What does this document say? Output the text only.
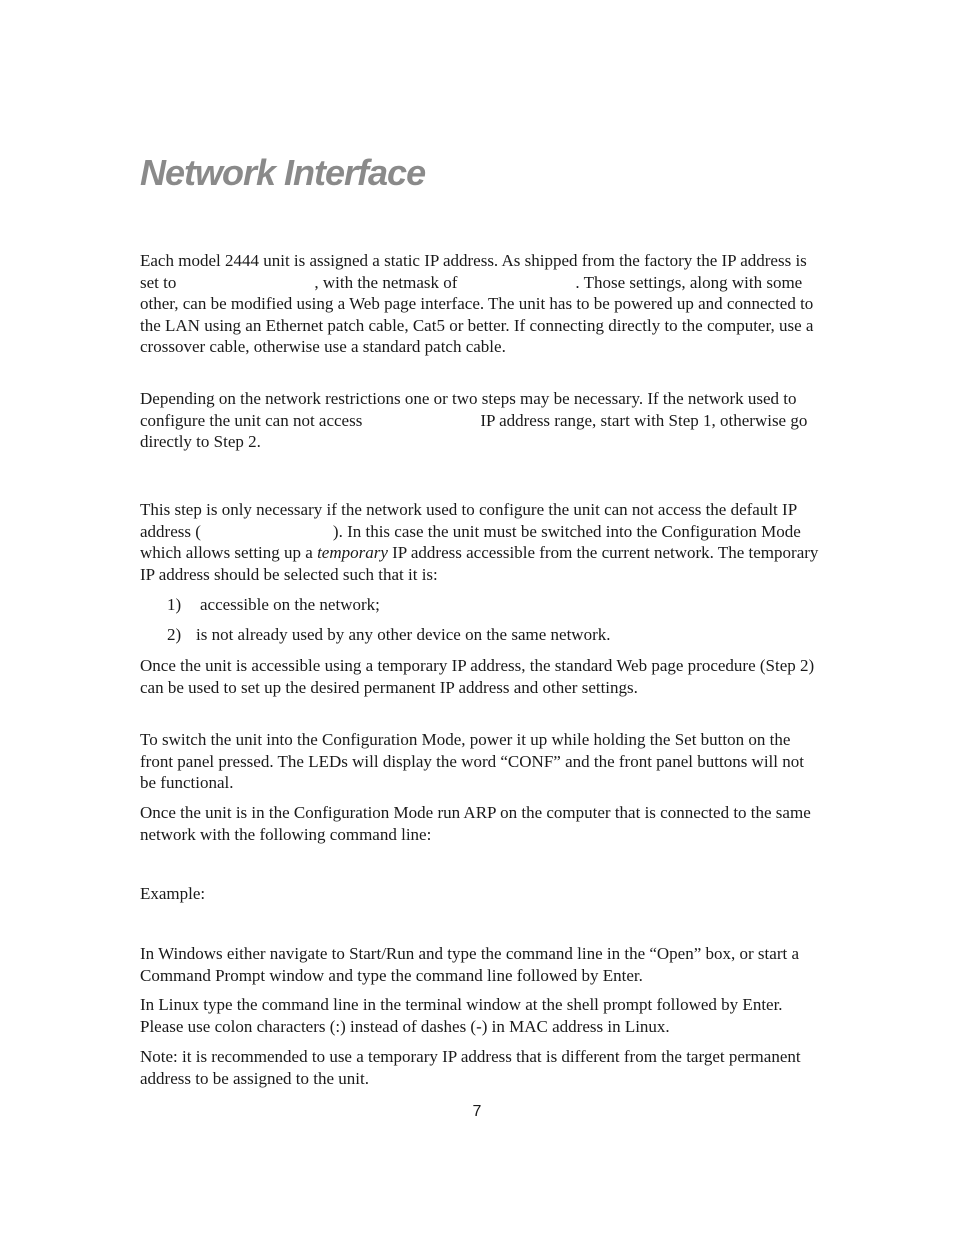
Network Interface

Each model 2444 unit is assigned a static IP address. As shipped from the factory the IP address is set to	, with the netmask of	. Those settings, along with some other, can be modified using a Web page interface. The unit has to be powered up and connected to the LAN using an Ethernet patch cable, Cat5 or better. If connecting directly to the computer, use a crossover cable, otherwise use a standard patch cable.

Depending on the network restrictions one or two steps may be necessary. If the network used to configure the unit can not access	IP address range, start with Step 1, otherwise go directly to Step 2.

This step is only necessary if the network used to configure the unit can not access the default IP address (	). In this case the unit must be switched into the Configuration Mode which allows setting up a temporary IP address accessible from the current network. The temporary IP address should be selected such that it is:

1) accessible on the network;
2) is not already used by any other device on the same network.

Once the unit is accessible using a temporary IP address, the standard Web page procedure (Step 2) can be used to set up the desired permanent IP address and other settings.

To switch the unit into the Configuration Mode, power it up while holding the Set button on the front panel pressed. The LEDs will display the word “CONF” and the front panel buttons will not be functional.

Once the unit is in the Configuration Mode run ARP on the computer that is connected to the same network with the following command line:

Example:

In Windows either navigate to Start/Run and type the command line in the “Open” box, or start a Command Prompt window and type the command line followed by Enter.

In Linux type the command line in the terminal window at the shell prompt followed by Enter. Please use colon characters (:) instead of dashes (-) in MAC address in Linux.

Note: it is recommended to use a temporary IP address that is different from the target permanent address to be assigned to the unit.

7
